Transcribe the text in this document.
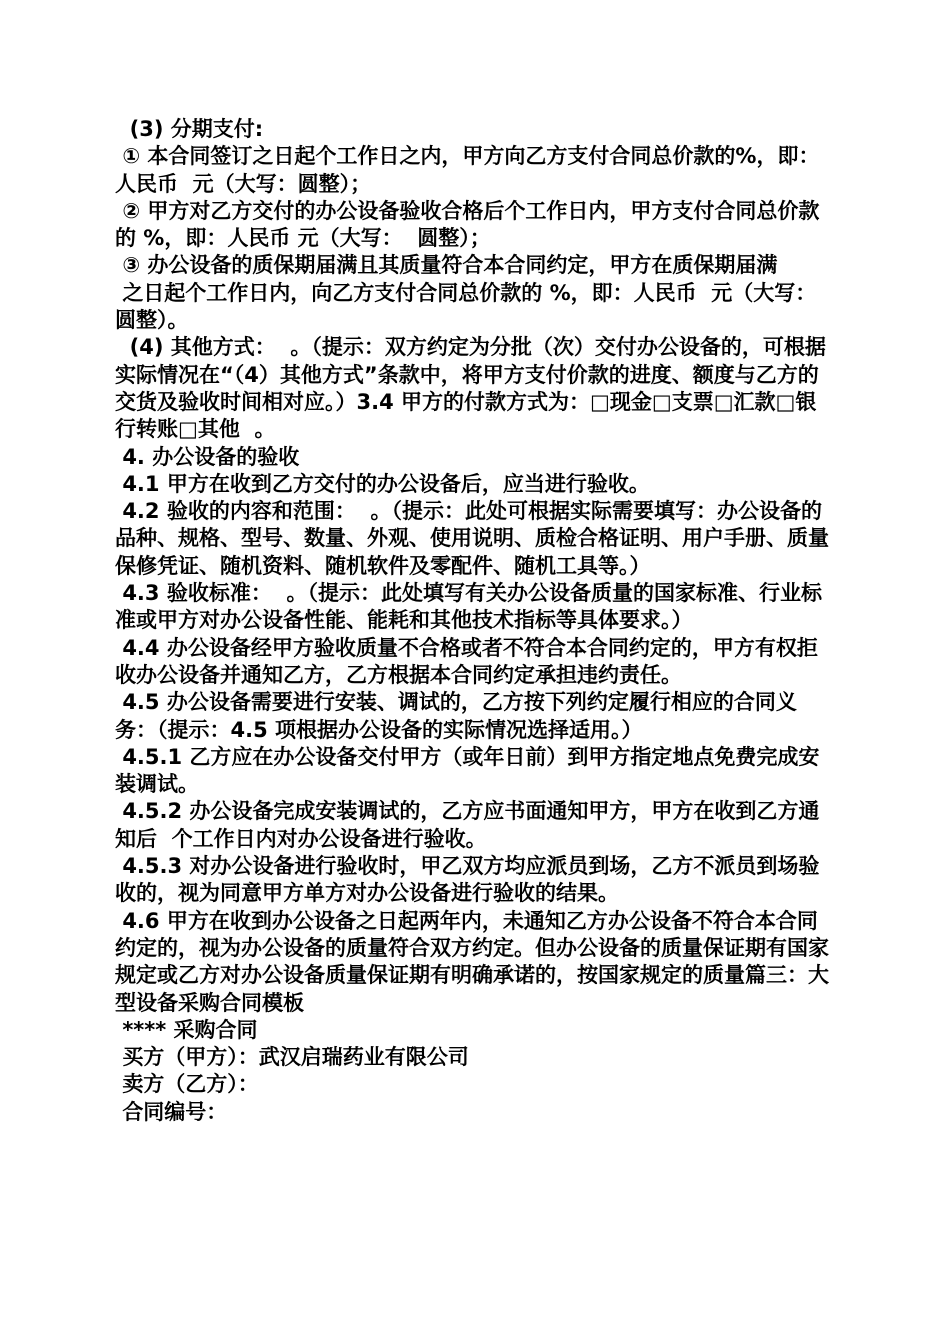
(3) 分期支付:

① 本合同签订之日起个工作日之内，甲方向乙方支付合同总价款的%，即：人民币  元（大写：圆整）；

② 甲方对乙方交付的办公设备验收合格后个工作日内，甲方支付合同总价款的 %，即：人民币 元（大写：  圆整）；

③ 办公设备的质保期届满且其质量符合本合同约定，甲方在质保期届满

之日起个工作日内，向乙方支付合同总价款的 %，即：人民币  元（大写：  圆整）。

(4) 其他方式：  。（提示：双方约定为分批（次）交付办公设备的，可根据实际情况在“（4）其他方式”条款中，将甲方支付价款的进度、额度与乙方的交货及验收时间相对应。）3.4 甲方的付款方式为：□现金□支票□汇款□银行转账□其他  。

4. 办公设备的验收

4.1 甲方在收到乙方交付的办公设备后，应当进行验收。

4.2 验收的内容和范围：  。（提示：此处可根据实际需要填写：办公设备的品种、规格、型号、数量、外观、使用说明、质检合格证明、用户手册、质量保修凭证、随机资料、随机软件及零配件、随机工具等。）

4.3 验收标准：  。（提示：此处填写有关办公设备质量的国家标准、行业标准或甲方对办公设备性能、能耗和其他技术指标等具体要求。）

4.4 办公设备经甲方验收质量不合格或者不符合本合同约定的，甲方有权拒收办公设备并通知乙方，乙方根据本合同约定承担违约责任。

4.5 办公设备需要进行安装、调试的，乙方按下列约定履行相应的合同义务：（提示：4.5 项根据办公设备的实际情况选择适用。）

4.5.1 乙方应在办公设备交付甲方（或年日前）到甲方指定地点免费完成安装调试。

4.5.2 办公设备完成安装调试的，乙方应书面通知甲方，甲方在收到乙方通知后  个工作日内对办公设备进行验收。

4.5.3 对办公设备进行验收时，甲乙双方均应派员到场，乙方不派员到场验收的，视为同意甲方单方对办公设备进行验收的结果。

4.6 甲方在收到办公设备之日起两年内，未通知乙方办公设备不符合本合同约定的，视为办公设备的质量符合双方约定。但办公设备的质量保证期有国家规定或乙方对办公设备质量保证期有明确承诺的，按国家规定的质量篇三：大型设备采购合同模板

**** 采购合同

买方（甲方）：武汉启瑞药业有限公司

卖方（乙方）：

合同编号：
